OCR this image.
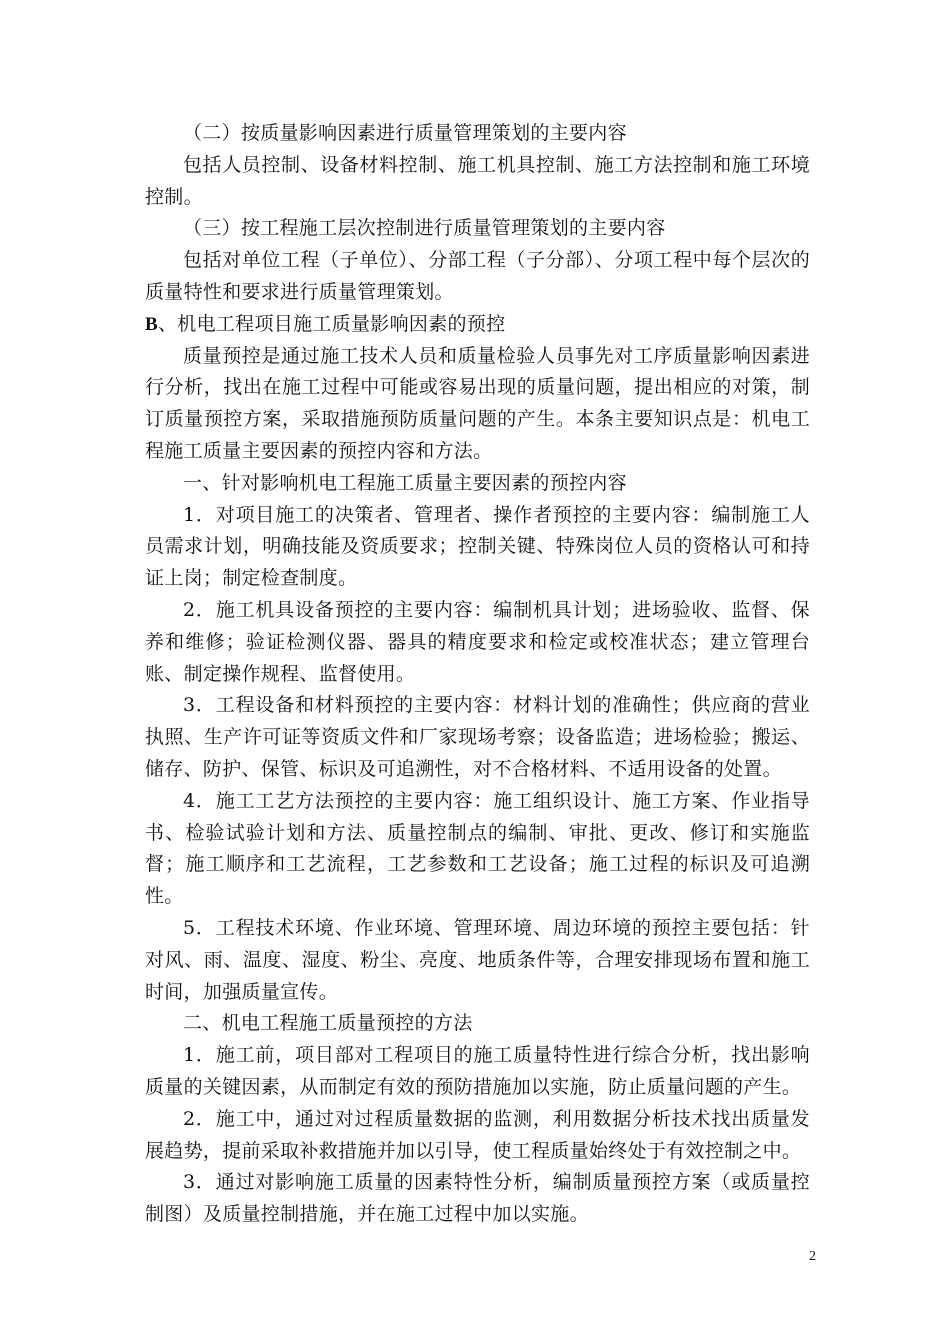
（二）按质量影响因素进行质量管理策划的主要内容

包括人员控制、设备材料控制、施工机具控制、施工方法控制和施工环境控制。

（三）按工程施工层次控制进行质量管理策划的主要内容

包括对单位工程（子单位）、分部工程（子分部）、分项工程中每个层次的质量特性和要求进行质量管理策划。

B、机电工程项目施工质量影响因素的预控

质量预控是通过施工技术人员和质量检验人员事先对工序质量影响因素进行分析，找出在施工过程中可能或容易出现的质量问题，提出相应的对策，制订质量预控方案，采取措施预防质量问题的产生。本条主要知识点是：机电工程施工质量主要因素的预控内容和方法。

一、针对影响机电工程施工质量主要因素的预控内容

1．对项目施工的决策者、管理者、操作者预控的主要内容：编制施工人员需求计划，明确技能及资质要求；控制关键、特殊岗位人员的资格认可和持证上岗；制定检查制度。

2．施工机具设备预控的主要内容：编制机具计划；进场验收、监督、保养和维修；验证检测仪器、器具的精度要求和检定或校准状态；建立管理台账、制定操作规程、监督使用。

3．工程设备和材料预控的主要内容：材料计划的准确性；供应商的营业执照、生产许可证等资质文件和厂家现场考察；设备监造；进场检验；搬运、储存、防护、保管、标识及可追溯性，对不合格材料、不适用设备的处置。

4．施工工艺方法预控的主要内容：施工组织设计、施工方案、作业指导书、检验试验计划和方法、质量控制点的编制、审批、更改、修订和实施监督；施工顺序和工艺流程，工艺参数和工艺设备；施工过程的标识及可追溯性。

5．工程技术环境、作业环境、管理环境、周边环境的预控主要包括：针对风、雨、温度、湿度、粉尘、亮度、地质条件等，合理安排现场布置和施工时间，加强质量宣传。

二、机电工程施工质量预控的方法

1．施工前，项目部对工程项目的施工质量特性进行综合分析，找出影响质量的关键因素，从而制定有效的预防措施加以实施，防止质量问题的产生。

2．施工中，通过对过程质量数据的监测，利用数据分析技术找出质量发展趋势，提前采取补救措施并加以引导，使工程质量始终处于有效控制之中。

3．通过对影响施工质量的因素特性分析，编制质量预控方案（或质量控制图）及质量控制措施，并在施工过程中加以实施。

2
